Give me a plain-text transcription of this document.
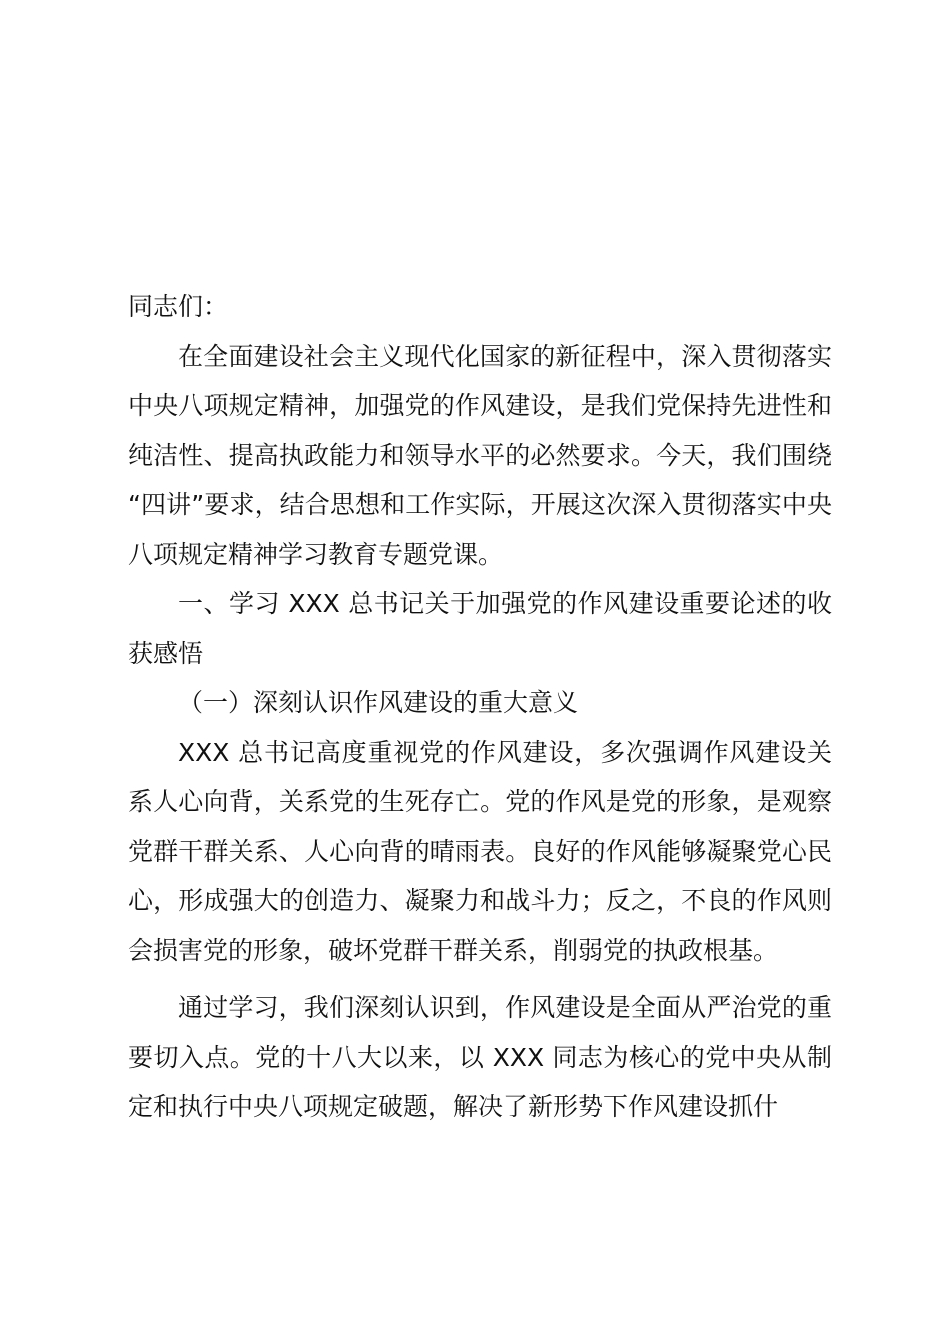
同志们：

在全面建设社会主义现代化国家的新征程中，深入贯彻落实中央八项规定精神，加强党的作风建设，是我们党保持先进性和纯洁性、提高执政能力和领导水平的必然要求。今天，我们围绕“四讲”要求，结合思想和工作实际，开展这次深入贯彻落实中央八项规定精神学习教育专题党课。

一、学习 XXX 总书记关于加强党的作风建设重要论述的收获感悟

（一）深刻认识作风建设的重大意义

XXX 总书记高度重视党的作风建设，多次强调作风建设关系人心向背，关系党的生死存亡。党的作风是党的形象，是观察党群干群关系、人心向背的晴雨表。良好的作风能够凝聚党心民心，形成强大的创造力、凝聚力和战斗力；反之，不良的作风则会损害党的形象，破坏党群干群关系，削弱党的执政根基。

通过学习，我们深刻认识到，作风建设是全面从严治党的重要切入点。党的十八大以来，以 XXX 同志为核心的党中央从制定和执行中央八项规定破题，解决了新形势下作风建设抓什
